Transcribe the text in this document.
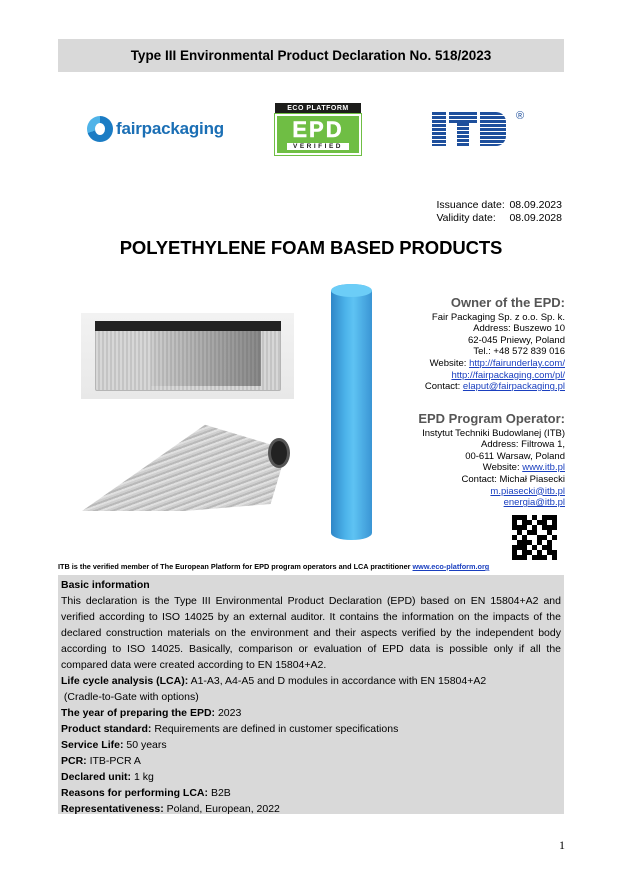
Type III Environmental Product Declaration No. 518/2023
fairpackaging
ECO PLATFORM
EPD
VERIFIED
®
Issuance date: 08.09.2023
Validity date:	08.09.2028
POLYETHYLENE FOAM BASED PRODUCTS
Owner of the EPD:
Fair Packaging Sp. z o.o. Sp. k.
Address: Buszewo 10
62-045 Pniewy, Poland
Tel.: +48 572 839 016
Website: http://fairunderlay.com/
http://fairpackaging.com/pl/
Contact: elaput@fairpackaging.pl
EPD Program Operator:
Instytut Techniki Budowlanej (ITB)
Address: Filtrowa 1,
00-611 Warsaw, Poland
Website: www.itb.pl
Contact: Michał Piasecki
m.piasecki@itb.pl
energia@itb.pl
ITB is the verified member of The European Platform for EPD program operators and LCA practitioner www.eco-platform.org

Basic information

This declaration is the Type III Environmental Product Declaration (EPD) based on EN 15804+A2 and verified according to ISO 14025 by an external auditor. It contains the information on the impacts of the declared construction materials on the environment and their aspects verified by the independent body according to ISO 14025. Basically, comparison or evaluation of EPD data is possible only if all the compared data were created according to EN 15804+A2.

Life cycle analysis (LCA): A1-A3, A4-A5 and D modules in accordance with EN 15804+A2

(Cradle-to-Gate with options)

The year of preparing the EPD: 2023

Product standard: Requirements are defined in customer specifications

Service Life: 50 years

PCR: ITB-PCR A

Declared unit: 1 kg

Reasons for performing LCA: B2B

Representativeness: Poland, European, 2022

1
